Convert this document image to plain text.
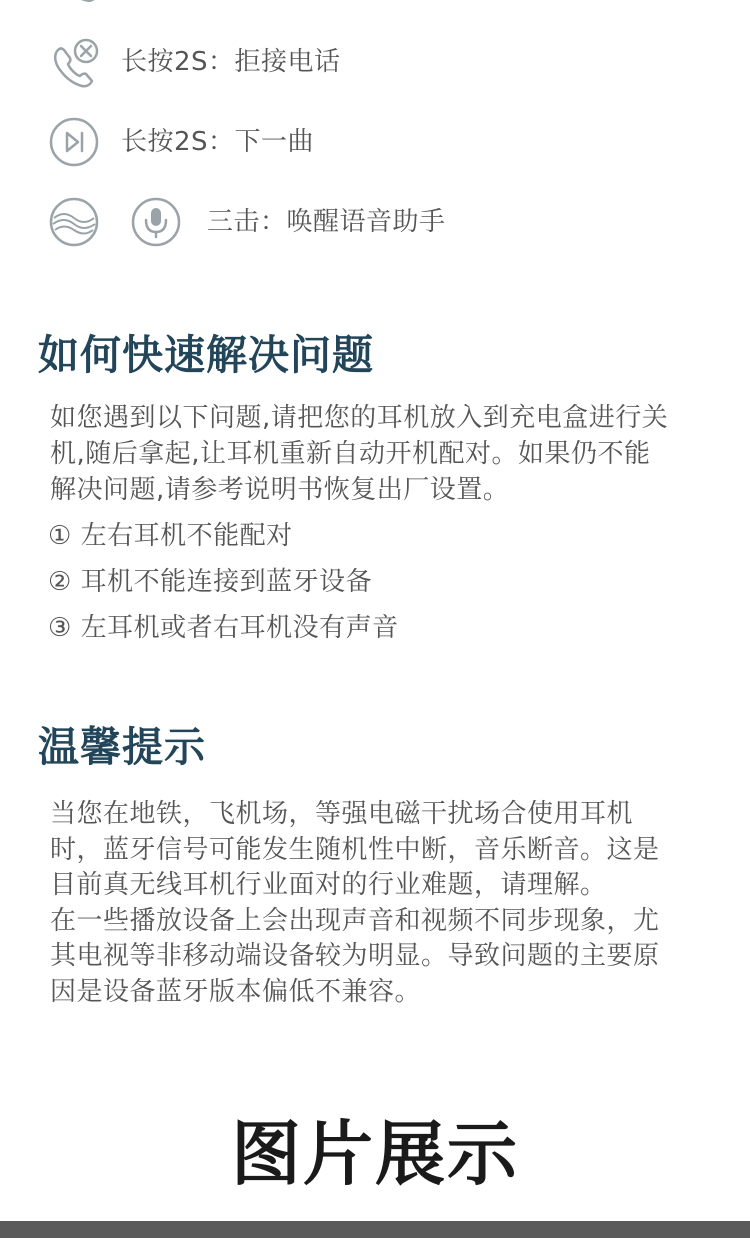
长按2S：拒接电话
长按2S：下一曲
三击：唤醒语音助手
如何快速解决问题
如您遇到以下问题,请把您的耳机放入到充电盒进行关
机,随后拿起,让耳机重新自动开机配对。如果仍不能
解决问题,请参考说明书恢复出厂设置。
① 左右耳机不能配对
② 耳机不能连接到蓝牙设备
③ 左耳机或者右耳机没有声音
温馨提示
当您在地铁，飞机场，等强电磁干扰场合使用耳机
时，蓝牙信号可能发生随机性中断，音乐断音。这是
目前真无线耳机行业面对的行业难题，请理解。
在一些播放设备上会出现声音和视频不同步现象，尤
其电视等非移动端设备较为明显。导致问题的主要原
因是设备蓝牙版本偏低不兼容。
图片展示
